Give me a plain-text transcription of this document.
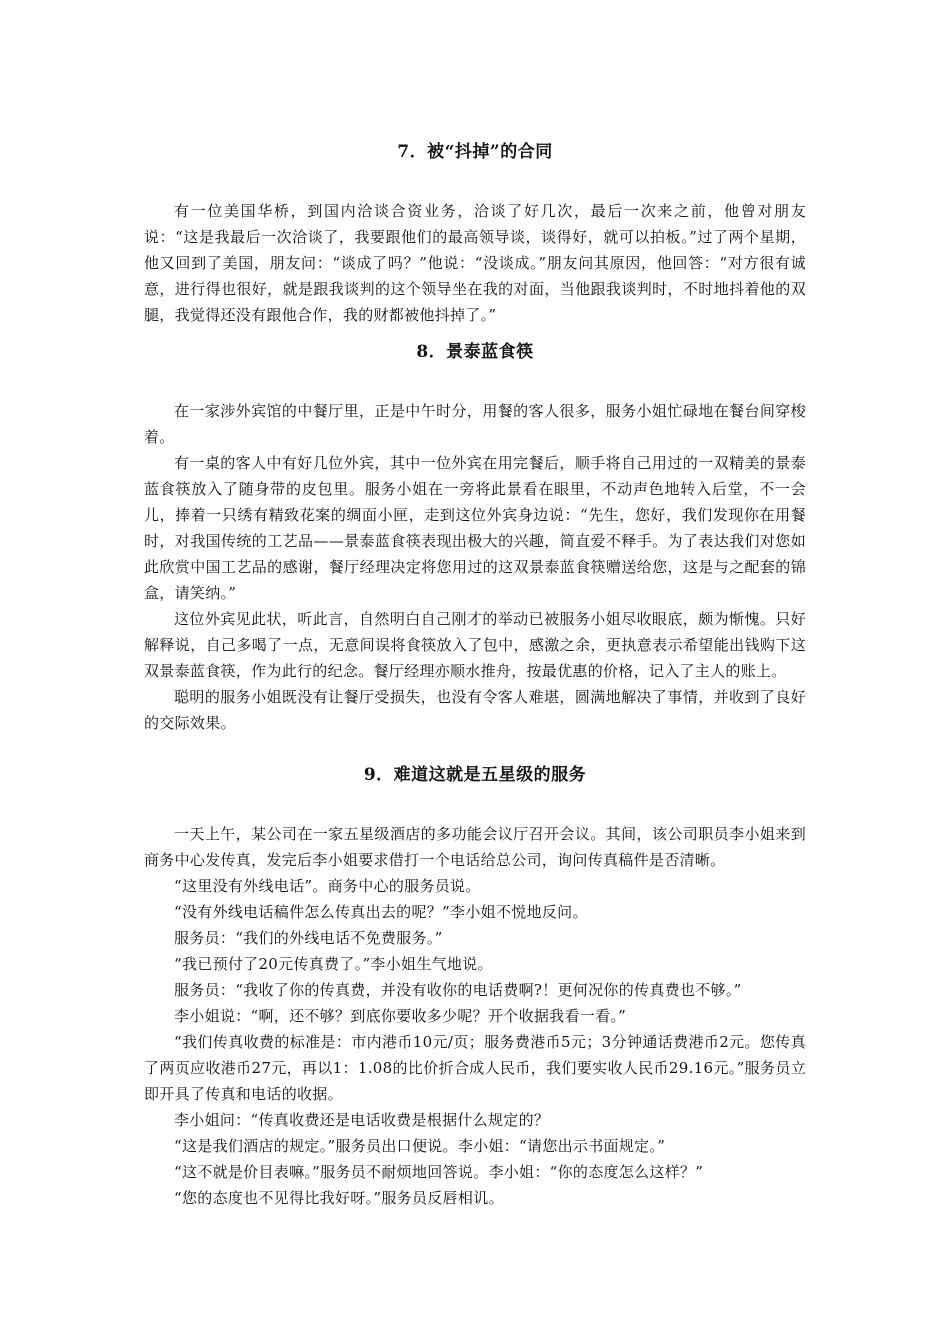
7．被“抖掉”的合同

有一位美国华桥，到国内洽谈合资业务，洽谈了好几次，最后一次来之前，他曾对朋友说：“这是我最后一次洽谈了，我要跟他们的最高领导谈，谈得好，就可以拍板。”过了两个星期，他又回到了美国，朋友问：“谈成了吗？”他说：“没谈成。”朋友问其原因，他回答：“对方很有诚意，进行得也很好，就是跟我谈判的这个领导坐在我的对面，当他跟我谈判时，不时地抖着他的双腿，我觉得还没有跟他合作，我的财都被他抖掉了。”

8．景泰蓝食筷

在一家涉外宾馆的中餐厅里，正是中午时分，用餐的客人很多，服务小姐忙碌地在餐台间穿梭着。

有一桌的客人中有好几位外宾，其中一位外宾在用完餐后，顺手将自己用过的一双精美的景泰蓝食筷放入了随身带的皮包里。服务小姐在一旁将此景看在眼里，不动声色地转入后堂，不一会儿，捧着一只绣有精致花案的绸面小匣，走到这位外宾身边说：“先生，您好，我们发现你在用餐时，对我国传统的工艺品——景泰蓝食筷表现出极大的兴趣，简直爱不释手。为了表达我们对您如此欣赏中国工艺品的感谢，餐厅经理决定将您用过的这双景泰蓝食筷赠送给您，这是与之配套的锦盒，请笑纳。”

这位外宾见此状，听此言，自然明白自己刚才的举动已被服务小姐尽收眼底，颇为惭愧。只好解释说，自己多喝了一点，无意间误将食筷放入了包中，感激之余，更执意表示希望能出钱购下这双景泰蓝食筷，作为此行的纪念。餐厅经理亦顺水推舟，按最优惠的价格，记入了主人的账上。

聪明的服务小姐既没有让餐厅受损失，也没有令客人难堪，圆满地解决了事情，并收到了良好的交际效果。

9．难道这就是五星级的服务

一天上午，某公司在一家五星级酒店的多功能会议厅召开会议。其间，该公司职员李小姐来到商务中心发传真，发完后李小姐要求借打一个电话给总公司，询问传真稿件是否清晰。

“这里没有外线电话”。商务中心的服务员说。

“没有外线电话稿件怎么传真出去的呢？”李小姐不悦地反问。

服务员：“我们的外线电话不免费服务。”

“我已预付了20元传真费了。”李小姐生气地说。

服务员：“我收了你的传真费，并没有收你的电话费啊?！更何况你的传真费也不够。”

李小姐说：“啊，还不够？到底你要收多少呢？开个收据我看一看。”

“我们传真收费的标准是：市内港币10元/页；服务费港币5元；3分钟通话费港币2元。您传真了两页应收港币27元，再以1：1.08的比价折合成人民币，我们要实收人民币29.16元。”服务员立即开具了传真和电话的收据。

李小姐问：“传真收费还是电话收费是根据什么规定的？

“这是我们酒店的规定。”服务员出口便说。李小姐：“请您出示书面规定。”

“这不就是价目表嘛。”服务员不耐烦地回答说。李小姐：“你的态度怎么这样？”

“您的态度也不见得比我好呀。”服务员反唇相讥。
